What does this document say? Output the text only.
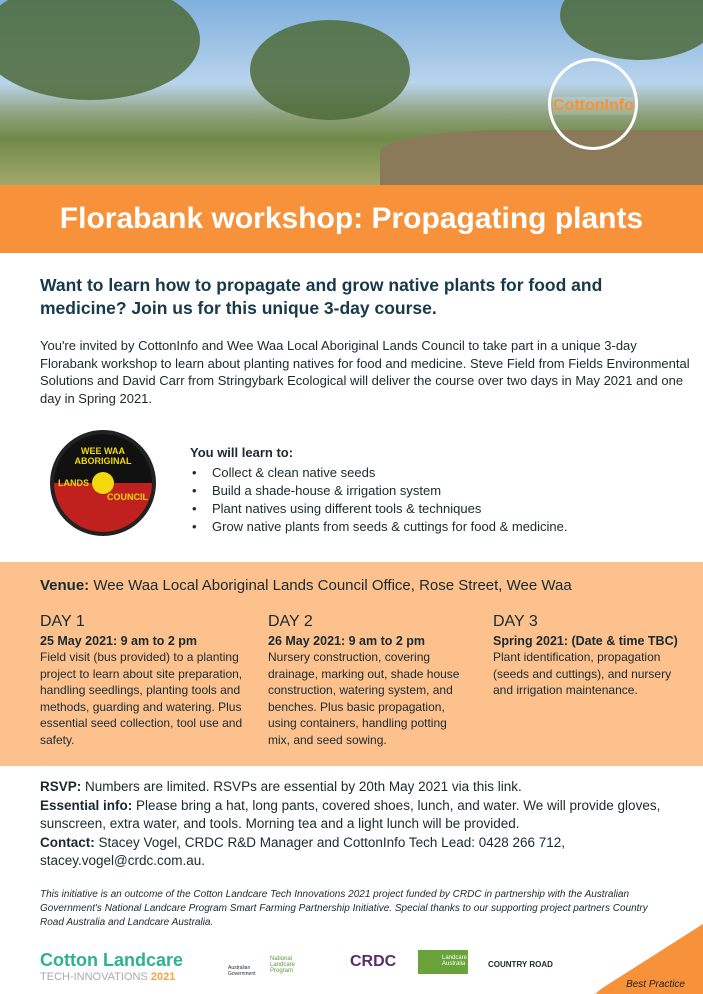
CottonInfo
Florabank workshop: Propagating plants
Want to learn how to propagate and grow native plants for food and medicine? Join us for this unique 3-day course.
You're invited by CottonInfo and Wee Waa Local Aboriginal Lands Council to take part in a unique 3-day Florabank workshop to learn about planting natives for food and medicine. Steve Field from Fields Environmental Solutions and David Carr from Stringybark Ecological will deliver the course over two days in May 2021 and one day in Spring 2021.
WEE WAA ABORIGINAL
LANDS
COUNCIL
You will learn to:
• Collect & clean native seeds
• Build a shade-house & irrigation system
• Plant natives using different tools & techniques
• Grow native plants from seeds & cuttings for food & medicine.
Venue: Wee Waa Local Aboriginal Lands Council Office, Rose Street, Wee Waa
DAY 1
25 May 2021: 9 am to 2 pm
Field visit (bus provided) to a planting project to learn about site preparation, handling seedlings, planting tools and methods, guarding and watering. Plus essential seed collection, tool use and safety.
DAY 2
26 May 2021: 9 am to 2 pm
Nursery construction, covering drainage, marking out, shade house construction, watering system, and benches. Plus basic propagation, using containers, handling potting mix, and seed sowing.
DAY 3
Spring 2021: (Date & time TBC)
Plant identification, propagation (seeds and cuttings), and nursery and irrigation maintenance.
RSVP: Numbers are limited. RSVPs are essential by 20th May 2021 via this link.
Essential info: Please bring a hat, long pants, covered shoes, lunch, and water. We will provide gloves, sunscreen, extra water, and tools. Morning tea and a light lunch will be provided.
Contact: Stacey Vogel, CRDC R&D Manager and CottonInfo Tech Lead: 0428 266 712, stacey.vogel@crdc.com.au.
This initiative is an outcome of the Cotton Landcare Tech Innovations 2021 project funded by CRDC in partnership with the Australian Government's National Landcare Program Smart Farming Partnership Initiative. Special thanks to our supporting project partners Country Road Australia and Landcare Australia.
Cotton Landcare
TECH-INNOVATIONS 2021
Australian Government
National Landcare Program
CRDC	Landcare Australia	COUNTRY ROAD
Best Practice
